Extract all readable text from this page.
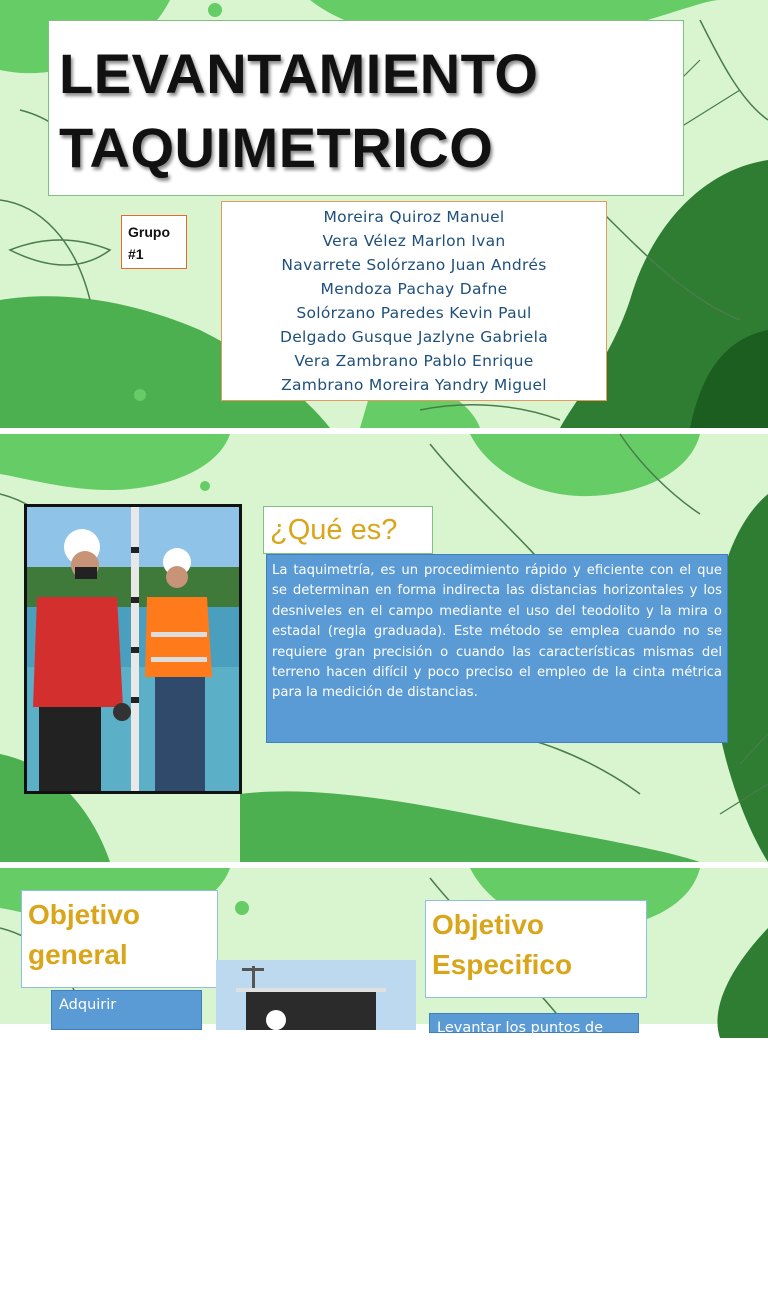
LEVANTAMIENTO
TAQUIMETRICO
Grupo
#1
Moreira Quiroz Manuel
Vera Vélez Marlon Ivan
Navarrete Solórzano Juan Andrés
Mendoza Pachay Dafne
Solórzano Paredes Kevin Paul
Delgado Gusque Jazlyne Gabriela
Vera Zambrano Pablo Enrique
Zambrano Moreira Yandry Miguel
¿Qué es?

La taquimetría, es un procedimiento rápido y eficiente con el que se determinan en forma indirecta las distancias horizontales y los desniveles en el campo mediante el uso del teodolito y la mira o estadal (regla graduada). Este método se emplea cuando no se requiere gran precisión o cuando las características mismas del terreno hacen difícil y poco preciso el empleo de la cinta métrica para la medición de distancias.

Objetivo
general
Adquirir
Objetivo
Especifico
Levantar los puntos de
